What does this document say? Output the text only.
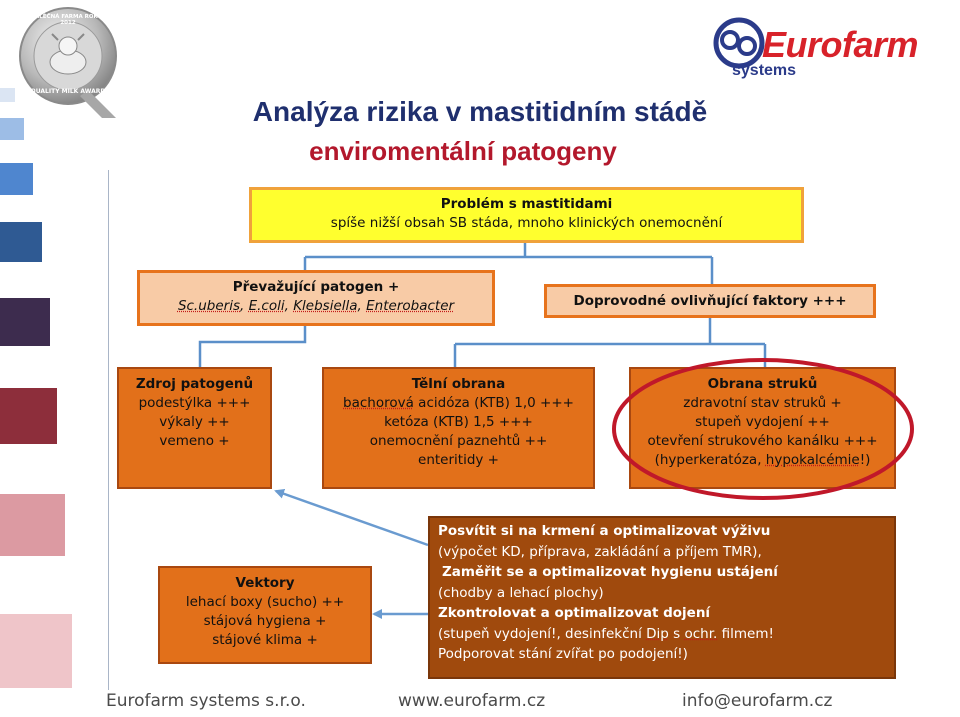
MLÉČNÁ FARMA ROKU 2012
QUALITY MILK AWARD
Eurofarm
systems
Analýza rizika v mastitidním stádě
enviromentální patogeny
Problém s mastitidami
spíše nižší obsah SB stáda, mnoho klinických onemocnění
Převažující patogen +
Sc.uberis, E.coli, Klebsiella, Enterobacter	Doprovodné ovlivňující faktory +++
Zdroj patogenů
podestýlka +++
výkaly ++
vemeno +
Tělní obrana
bachorová acidóza (KTB) 1,0 +++
ketóza (KTB) 1,5 +++
onemocnění paznehtů ++
enteritidy +
Obrana struků
zdravotní stav struků +
stupeň vydojení ++
otevření strukového kanálku +++
(hyperkeratóza, hypokalcémie!)
Vektory
lehací boxy (sucho) ++
stájová hygiena +
stájové klima +
Posvítit si na krmení a optimalizovat výživu
(výpočet KD, příprava, zakládání a příjem TMR),
Zaměřit se a optimalizovat hygienu ustájení
(chodby a lehací plochy)
Zkontrolovat a optimalizovat dojení
(stupeň vydojení!, desinfekční Dip s ochr. filmem!
Podporovat stání zvířat po podojení!)
Eurofarm systems s.r.o.	www.eurofarm.cz	info@eurofarm.cz
